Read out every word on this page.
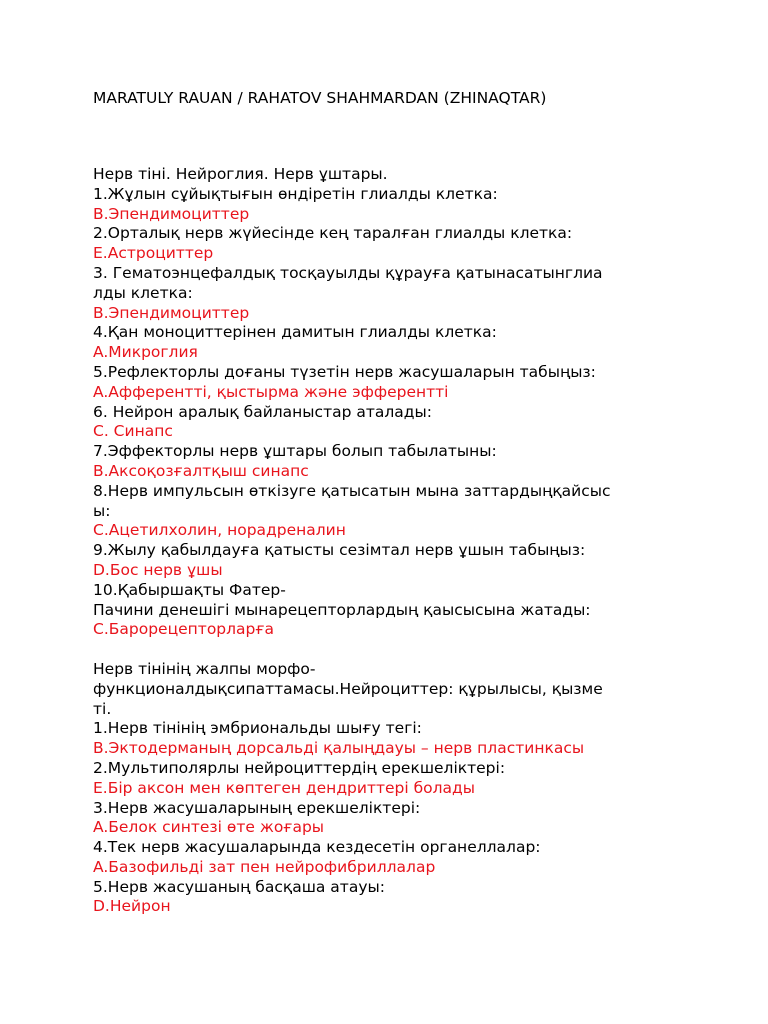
MARATULY RAUAN / RAHATOV SHAHMARDAN (ZHINAQTAR)
Нерв тіні. Нейроглия. Нерв ұштары.
1.Жұлын сұйықтығын өндіретін глиалды клетка:
B.Эпендимоциттер
2.Орталық нерв жүйесінде кең таралған глиалды клетка:
E.Астроциттер
3. Гематоэнцефалдық тосқауылды құрауға қатынасатынглиа
лды клетка:
B.Эпендимоциттер
4.Қан моноциттерінен дамитын глиалды клетка:
A.Микроглия
5.Рефлекторлы доғаны түзетін нерв жасушаларын табыңыз:
A.Афферентті, қыстырма және эфферентті
6. Нейрон аралық байланыстар аталады:
C. Синапс
7.Эффекторлы нерв ұштары болып табылатыны:
B.Аксоқозғалтқыш синапс
8.Нерв импульсын өткізуге қатысатын мына заттардыңқайсыс
ы:
C.Ацетилхолин, норадреналин
9.Жылу қабылдауға қатысты сезімтал нерв ұшын табыңыз:
D.Бос нерв ұшы
10.Қабыршақты Фатер-
Пачини денешігі мынарецепторлардың қаысысына жатады:
C.Барорецепторларға
Нерв тінінің жалпы морфо-
функционалдықсипаттамасы.Нейроциттер: құрылысы, қызме
ті.
1.Нерв тінінің эмбриональды шығу тегі:
B.Эктодерманың дорсальді қалыңдауы – нерв пластинкасы
2.Мультиполярлы нейроциттердің ерекшеліктері:
E.Бір аксон мен көптеген дендриттері болады
3.Нерв жасушаларының ерекшеліктері:
A.Белок синтезі өте жоғары
4.Тек нерв жасушаларында кездесетін органеллалар:
A.Базофильді зат пен нейрофибриллалар
5.Нерв жасушаның басқаша атауы:
D.Нейрон
